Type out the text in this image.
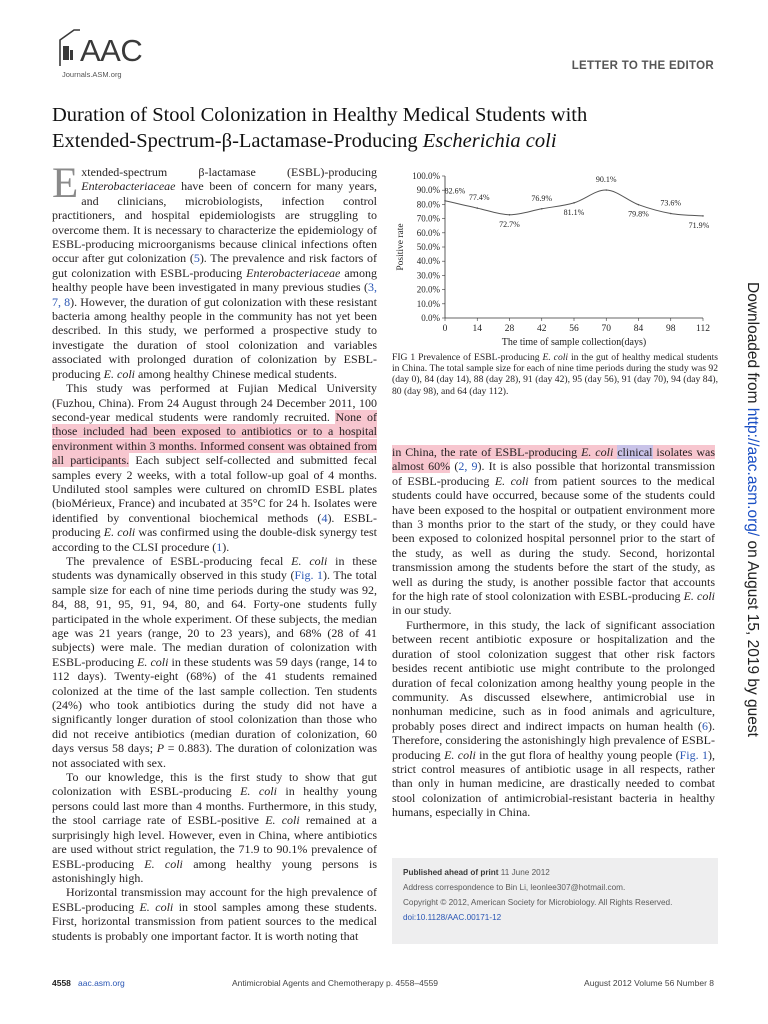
AAC
Journals.ASM.org
LETTER TO THE EDITOR
Duration of Stool Colonization in Healthy Medical Students with
Extended-Spectrum-β-Lactamase-Producing Escherichia coli

Extended-spectrum β-lactamase (ESBL)-producing Enterobacteriaceae have been of concern for many years, and clinicians, microbiologists, infection control practitioners, and hospital epidemiologists are struggling to overcome them. It is necessary to characterize the epidemiology of ESBL-producing microorganisms because clinical infections often occur after gut colonization (5). The prevalence and risk factors of gut colonization with ESBL-producing Enterobacteriaceae among healthy people have been investigated in many previous studies (3, 7, 8). However, the duration of gut colonization with these resistant bacteria among healthy people in the community has not yet been described. In this study, we performed a prospective study to investigate the duration of stool colonization and variables associated with prolonged duration of colonization by ESBL-producing E. coli among healthy Chinese medical students.

This study was performed at Fujian Medical University (Fuzhou, China). From 24 August through 24 December 2011, 100 second-year medical students were randomly recruited. None of those included had been exposed to antibiotics or to a hospital environment within 3 months. Informed consent was obtained from all participants. Each subject self-collected and submitted fecal samples every 2 weeks, with a total follow-up goal of 4 months. Undiluted stool samples were cultured on chromID ESBL plates (bioMérieux, France) and incubated at 35°C for 24 h. Isolates were identified by conventional biochemical methods (4). ESBL-producing E. coli was confirmed using the double-disk synergy test according to the CLSI procedure (1).

The prevalence of ESBL-producing fecal E. coli in these students was dynamically observed in this study (Fig. 1). The total sample size for each of nine time periods during the study was 92, 84, 88, 91, 95, 91, 94, 80, and 64. Forty-one students fully participated in the whole experiment. Of these subjects, the median age was 21 years (range, 20 to 23 years), and 68% (28 of 41 subjects) were male. The median duration of colonization with ESBL-producing E. coli in these students was 59 days (range, 14 to 112 days). Twenty-eight (68%) of the 41 students remained colonized at the time of the last sample collection. Ten students (24%) who took antibiotics during the study did not have a significantly longer duration of stool colonization than those who did not receive antibiotics (median duration of colonization, 60 days versus 58 days; P = 0.883). The duration of colonization was not associated with sex.

To our knowledge, this is the first study to show that gut colonization with ESBL-producing E. coli in healthy young persons could last more than 4 months. Furthermore, in this study, the stool carriage rate of ESBL-positive E. coli remained at a surprisingly high level. However, even in China, where antibiotics are used without strict regulation, the 71.9 to 90.1% prevalence of ESBL-producing E. coli among healthy young persons is astonishingly high.

Horizontal transmission may account for the high prevalence of ESBL-producing E. coli in stool samples among these students. First, horizontal transmission from patient sources to the medical students is probably one important factor. It is worth noting that

0.0%
10.0%
20.0%
30.0%
40.0%
50.0%
60.0%
70.0%
80.0%
90.0%
100.0%
0	14 28 42 56 70 84 98 112
82.6%
77.4%
72.7%
76.9%
81.1%
90.1%
79.8%
73.6%
71.9%
Positive rate
The time of sample collection(days)
FIG 1 Prevalence of ESBL-producing E. coli in the gut of healthy medical students in China. The total sample size for each of nine time periods during the study was 92 (day 0), 84 (day 14), 88 (day 28), 91 (day 42), 95 (day 56), 91 (day 70), 94 (day 84), 80 (day 98), and 64 (day 112).

in China, the rate of ESBL-producing E. coli clinical isolates was almost 60% (2, 9). It is also possible that horizontal transmission of ESBL-producing E. coli from patient sources to the medical students could have occurred, because some of the students could have been exposed to the hospital or outpatient environment more than 3 months prior to the start of the study, or they could have been exposed to colonized hospital personnel prior to the start of the study, as well as during the study. Second, horizontal transmission among the students before the start of the study, as well as during the study, is another possible factor that accounts for the high rate of stool colonization with ESBL-producing E. coli in our study.

Furthermore, in this study, the lack of significant association between recent antibiotic exposure or hospitalization and the duration of stool colonization suggest that other risk factors besides recent antibiotic use might contribute to the prolonged duration of fecal colonization among healthy young people in the community. As discussed elsewhere, antimicrobial use in nonhuman medicine, such as in food animals and agriculture, probably poses direct and indirect impacts on human health (6). Therefore, considering the astonishingly high prevalence of ESBL-producing E. coli in the gut flora of healthy young people (Fig. 1), strict control measures of antibiotic usage in all respects, rather than only in human medicine, are drastically needed to combat stool colonization of antimicrobial-resistant bacteria in healthy humans, especially in China.

Published ahead of print 11 June 2012
Address correspondence to Bin Li, leonlee307@hotmail.com.
Copyright © 2012, American Society for Microbiology. All Rights Reserved.
doi:10.1128/AAC.00171-12
Downloaded from http://aac.asm.org/ on August 15, 2019 by guest
4558 aac.asm.org	Antimicrobial Agents and Chemotherapy p. 4558–4559	August 2012 Volume 56 Number 8
